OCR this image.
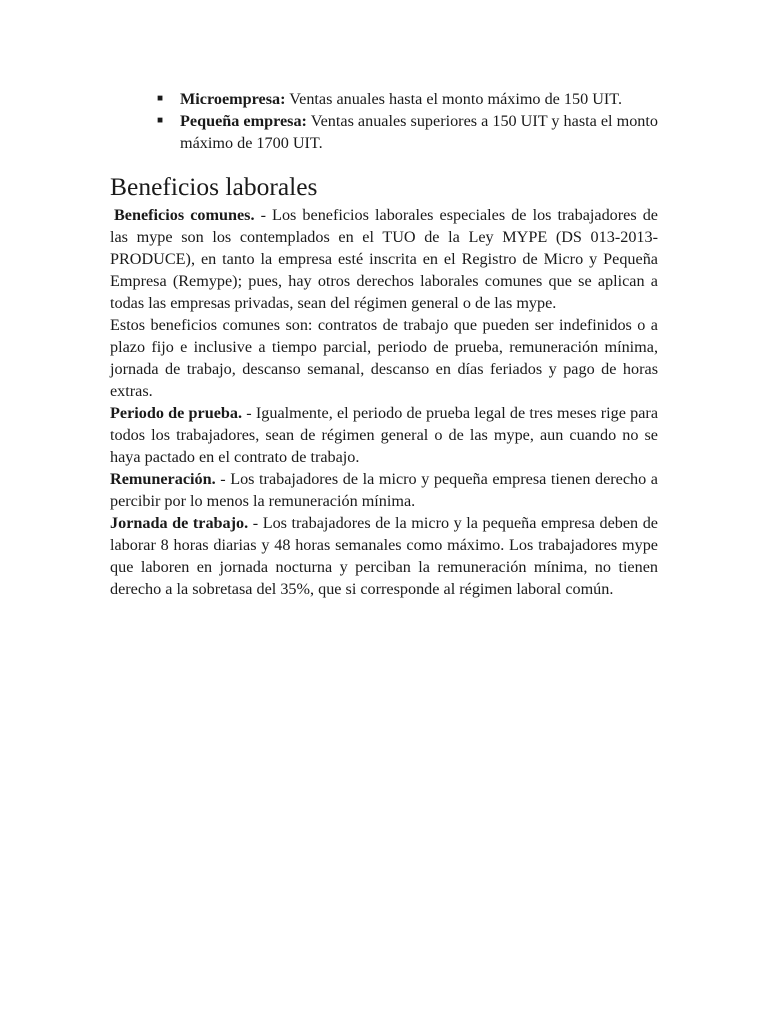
■ Microempresa: Ventas anuales hasta el monto máximo de 150 UIT.
■ Pequeña empresa: Ventas anuales superiores a 150 UIT y hasta el monto máximo de 1700 UIT.
Beneficios laborales

Beneficios comunes. - Los beneficios laborales especiales de los trabajadores de las mype son los contemplados en el TUO de la Ley MYPE (DS 013-2013-PRODUCE), en tanto la empresa esté inscrita en el Registro de Micro y Pequeña Empresa (Remype); pues, hay otros derechos laborales comunes que se aplican a todas las empresas privadas, sean del régimen general o de las mype.

Estos beneficios comunes son: contratos de trabajo que pueden ser indefinidos o a plazo fijo e inclusive a tiempo parcial, periodo de prueba, remuneración mínima, jornada de trabajo, descanso semanal, descanso en días feriados y pago de horas extras.

Periodo de prueba. - Igualmente, el periodo de prueba legal de tres meses rige para todos los trabajadores, sean de régimen general o de las mype, aun cuando no se haya pactado en el contrato de trabajo.

Remuneración. - Los trabajadores de la micro y pequeña empresa tienen derecho a percibir por lo menos la remuneración mínima.

Jornada de trabajo. - Los trabajadores de la micro y la pequeña empresa deben de laborar 8 horas diarias y 48 horas semanales como máximo. Los trabajadores mype que laboren en jornada nocturna y perciban la remuneración mínima, no tienen derecho a la sobretasa del 35%, que si corresponde al régimen laboral común.
